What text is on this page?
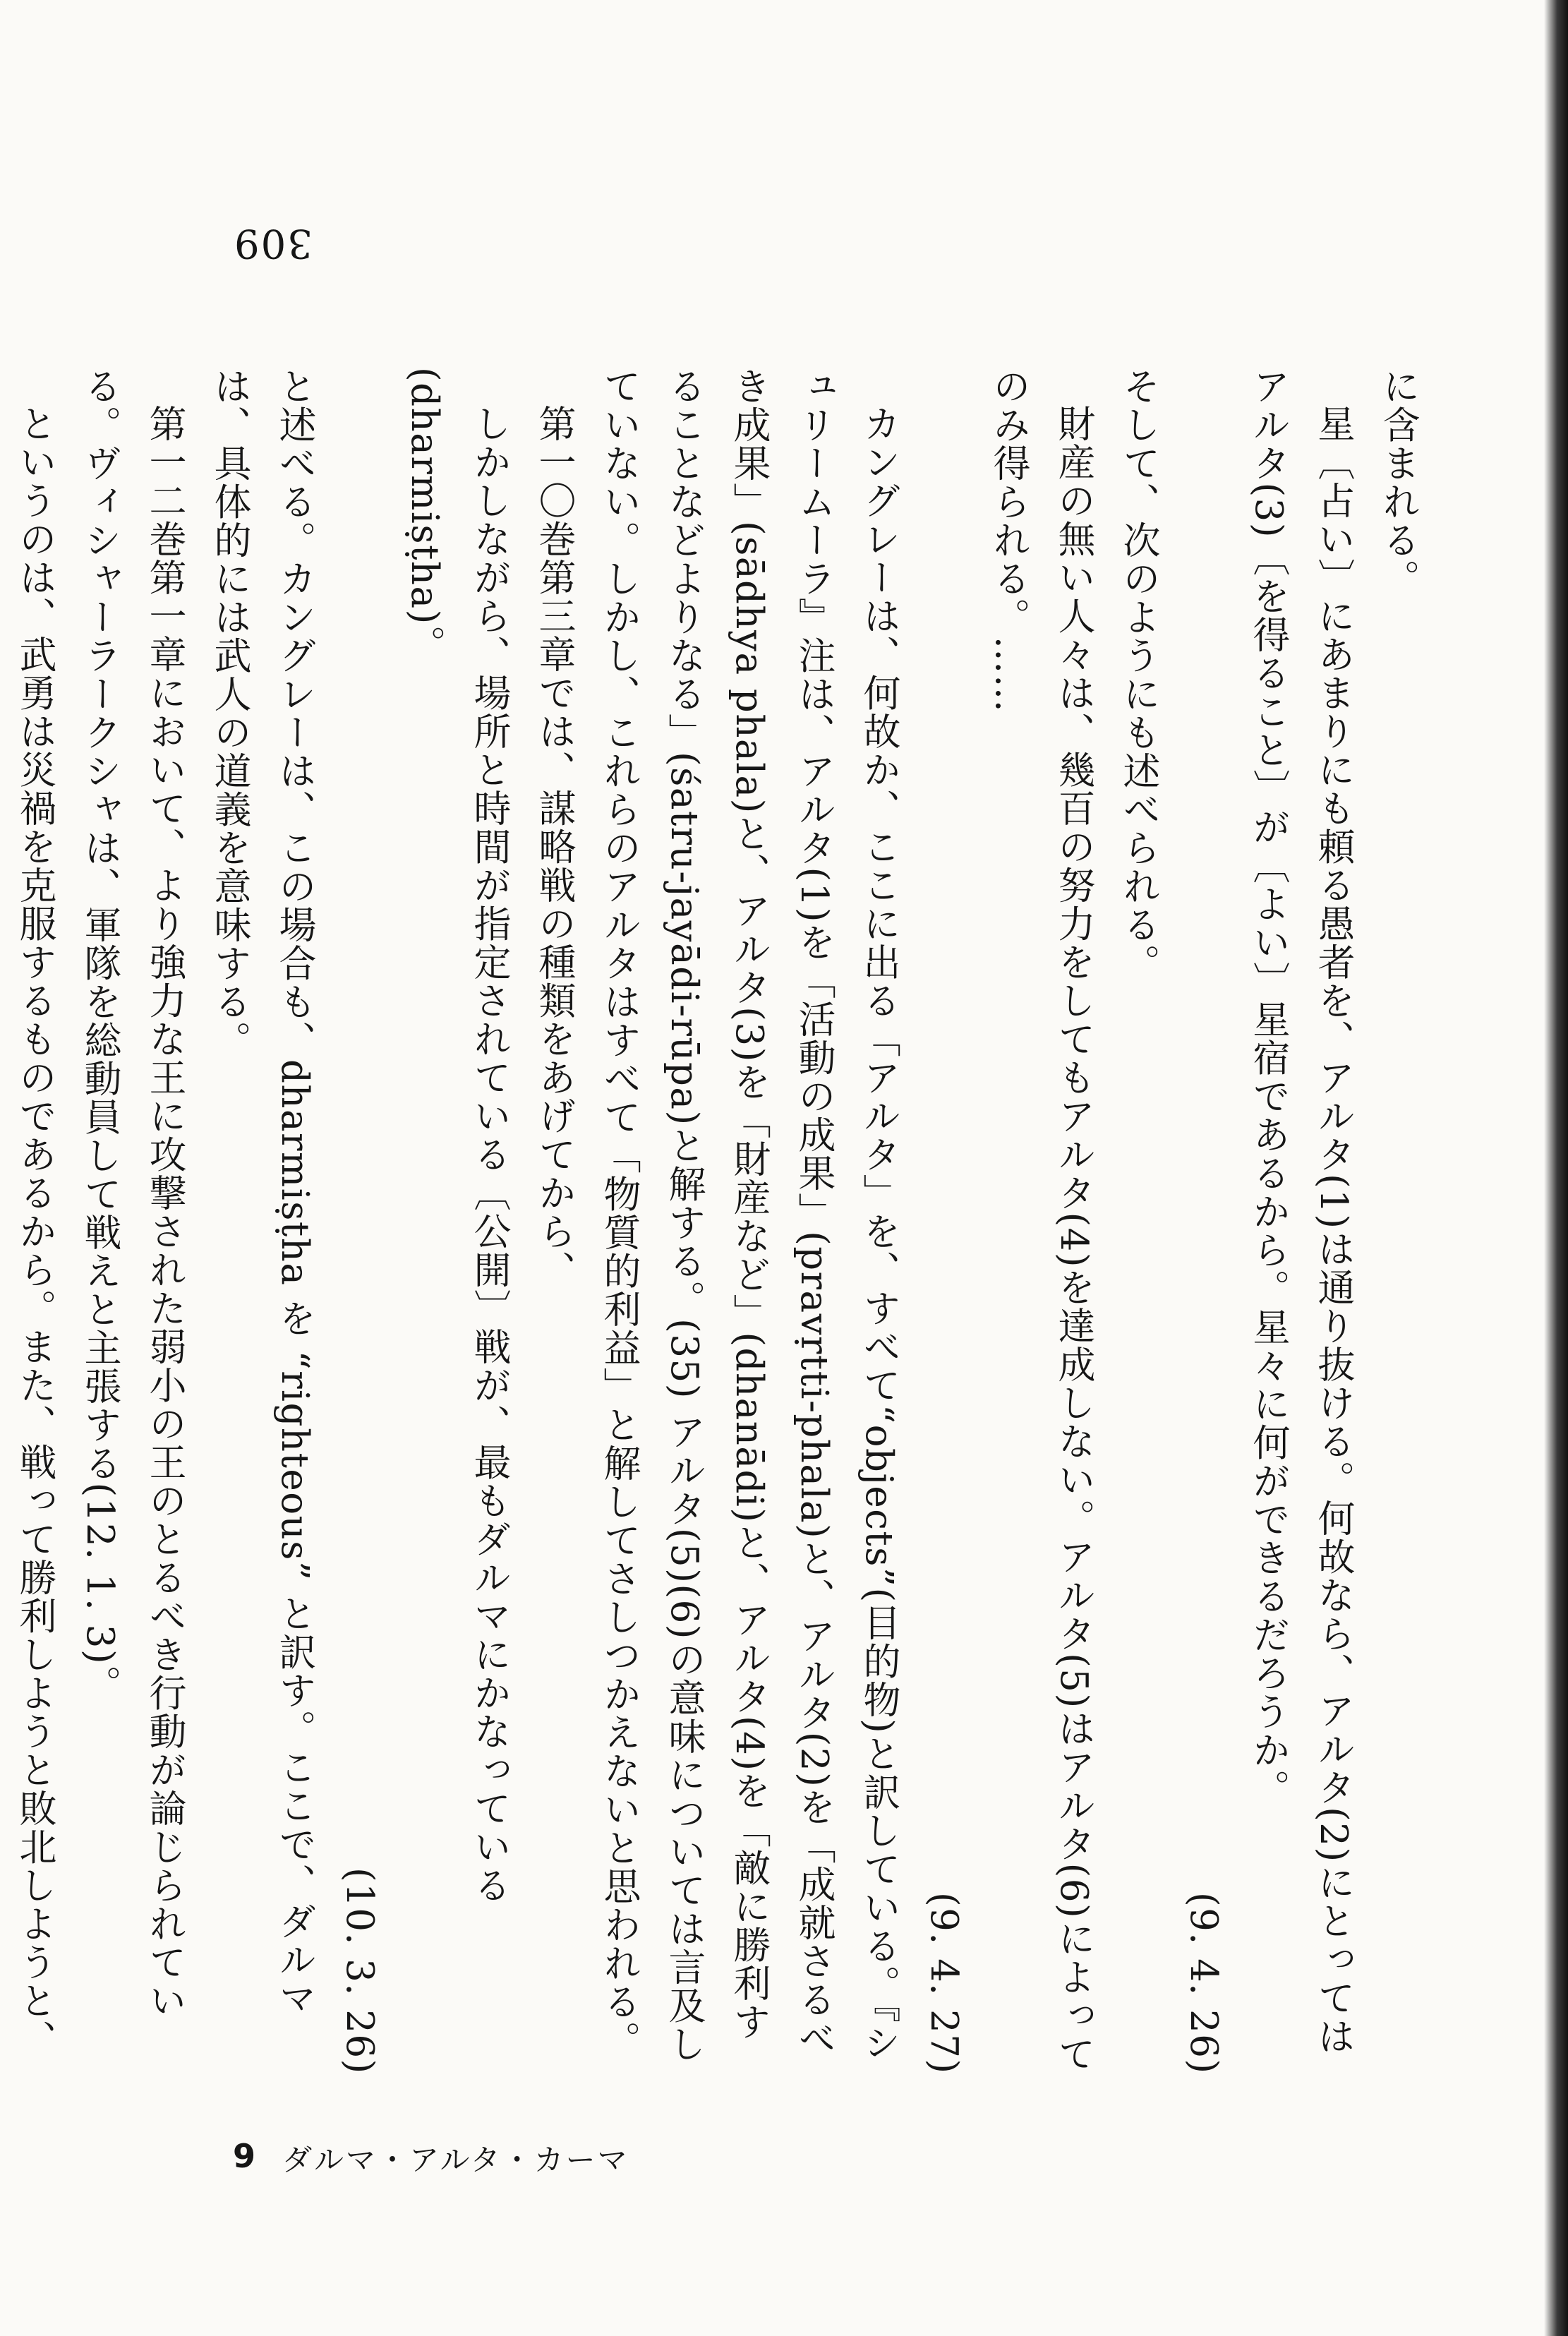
309

に含まれる。

星〔占い〕にあまりにも頼る愚者を、アルタ(1)は通り抜ける。何故なら、アルタ(2)にとってはアルタ(3)〔を得ること〕が〔よい〕星宿であるから。星々に何ができるだろうか。

(9. 4. 26)

そして、次のようにも述べられる。

財産の無い人々は、幾百の努力をしてもアルタ(4)を達成しない。アルタ(5)はアルタ(6)によってのみ得られる。……

(9. 4. 27)

カングレーは、何故か、ここに出る「アルタ」を、すべて“objects”(目的物)と訳している。『シュリームーラ』注は、アルタ(1)を「活動の成果」(pravṛtti-phala)と、アルタ(2)を「成就さるべき成果」(sādhya phala)と、アルタ(3)を「財産など」(dhanādi)と、アルタ(4)を「敵に勝利することなどよりなる」(śatru-jayādi-rūpa)と解する。(35) アルタ(5)(6)の意味については言及していない。しかし、これらのアルタはすべて「物質的利益」と解してさしつかえないと思われる。

第一〇巻第三章では、謀略戦の種類をあげてから、

しかしながら、場所と時間が指定されている〔公開〕戦が、最もダルマにかなっている(dharmiṣṭha)。

(10. 3. 26)

と述べる。カングレーは、この場合も、dharmiṣṭha を “righteous” と訳す。ここで、ダルマは、具体的には武人の道義を意味する。

第一二巻第一章において、より強力な王に攻撃された弱小の王のとるべき行動が論じられている。ヴィシャーラークシャは、軍隊を総動員して戦えと主張する(12. 1. 3)。

というのは、武勇は災禍を克服するものであるから。また、戦って勝利しようと敗北しようと、

9 ダルマ・アルタ・カーマ
